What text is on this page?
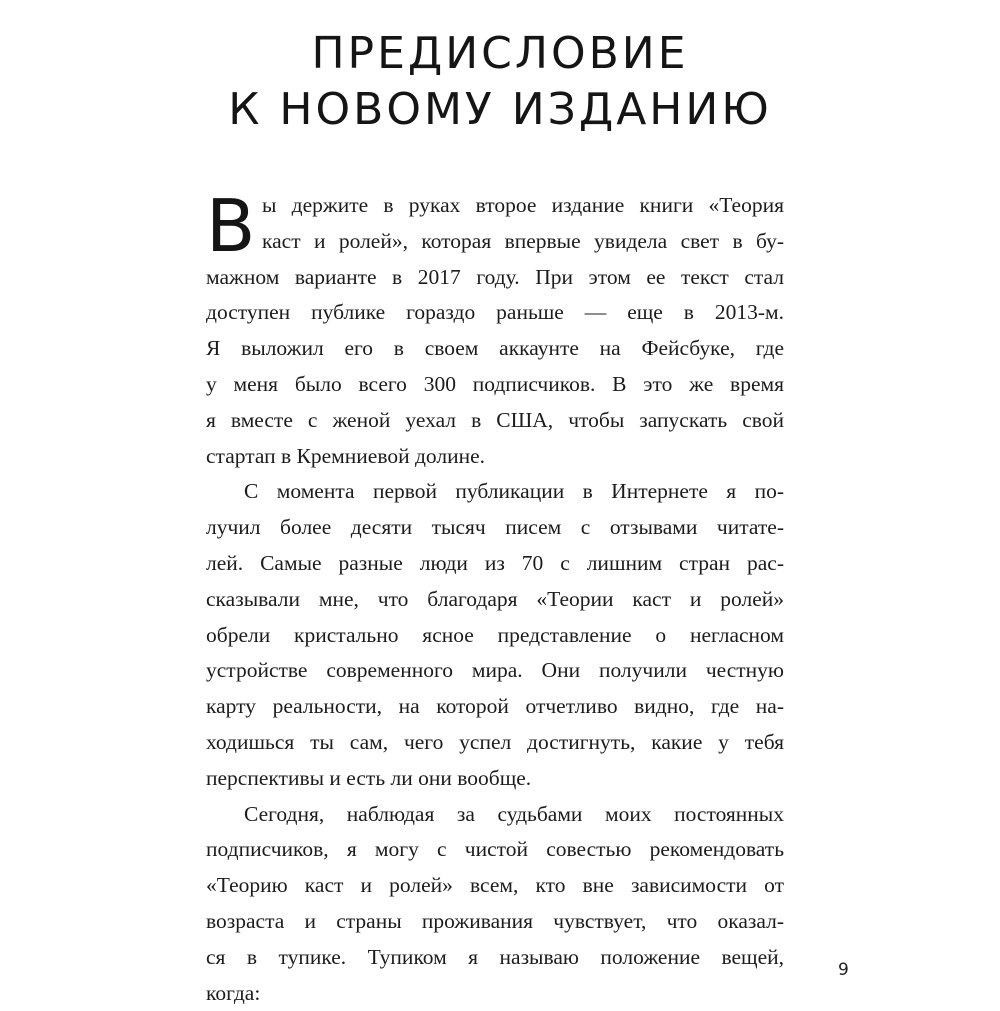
ПРЕДИСЛОВИЕ
К НОВОМУ ИЗДАНИЮ
В ы держите в руках второе издание книги «Теория
каст и ролей», которая впервые увидела свет в бу-
мажном варианте в 2017 году. При этом ее текст стал
доступен публике гораздо раньше — еще в 2013-м.
Я выложил его в своем аккаунте на Фейсбуке, где
у меня было всего 300 подписчиков. В это же время
я вместе с женой уехал в США, чтобы запускать свой
стартап в Кремниевой долине.
С момента первой публикации в Интернете я по-
лучил более десяти тысяч писем с отзывами читате-
лей. Самые разные люди из 70 с лишним стран рас-
сказывали мне, что благодаря «Теории каст и ролей»
обрели кристально ясное представление о негласном
устройстве современного мира. Они получили честную
карту реальности, на которой отчетливо видно, где на-
ходишься ты сам, чего успел достигнуть, какие у тебя
перспективы и есть ли они вообще.
Сегодня, наблюдая за судьбами моих постоянных
подписчиков, я могу с чистой совестью рекомендовать
«Теорию каст и ролей» всем, кто вне зависимости от
возраста и страны проживания чувствует, что оказал-
ся в тупике. Тупиком я называю положение вещей,
когда:
9
